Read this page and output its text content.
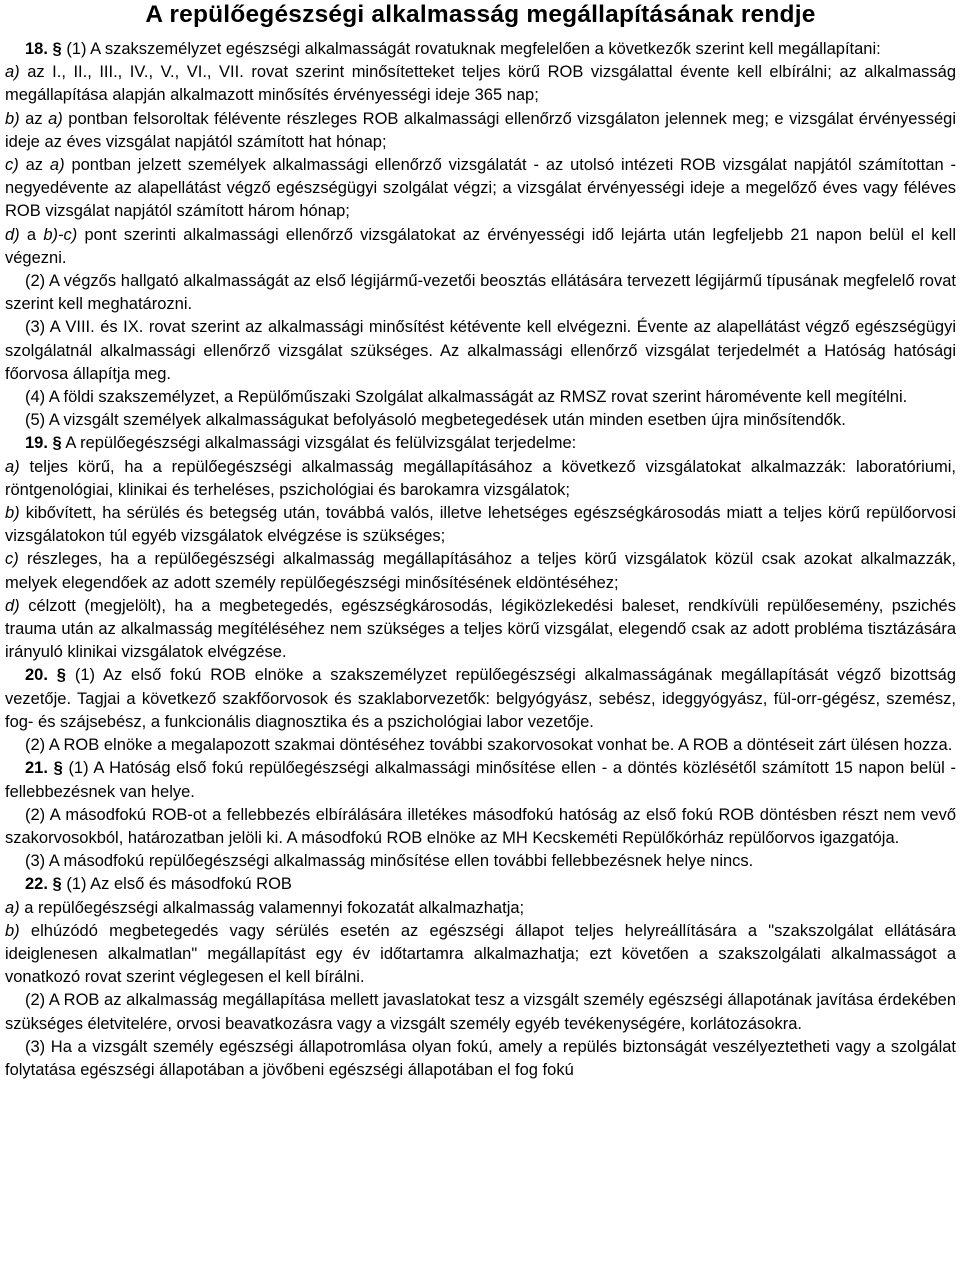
A repülőegészségi alkalmasság megállapításának rendje

18. § (1) A szakszemélyzet egészségi alkalmasságát rovatuknak megfelelően a következők szerint kell megállapítani:

a) az I., II., III., IV., V., VI., VII. rovat szerint minősítetteket teljes körű ROB vizsgálattal évente kell elbírálni; az alkalmasság megállapítása alapján alkalmazott minősítés érvényességi ideje 365 nap;

b) az a) pontban felsoroltak félévente részleges ROB alkalmassági ellenőrző vizsgálaton jelennek meg; e vizsgálat érvényességi ideje az éves vizsgálat napjától számított hat hónap;

c) az a) pontban jelzett személyek alkalmassági ellenőrző vizsgálatát - az utolsó intézeti ROB vizsgálat napjától számítottan - negyedévente az alapellátást végző egészségügyi szolgálat végzi; a vizsgálat érvényességi ideje a megelőző éves vagy féléves ROB vizsgálat napjától számított három hónap;

d) a b)-c) pont szerinti alkalmassági ellenőrző vizsgálatokat az érvényességi idő lejárta után legfeljebb 21 napon belül el kell végezni.

(2) A végzős hallgató alkalmasságát az első légijármű-vezetői beosztás ellátására tervezett légijármű típusának megfelelő rovat szerint kell meghatározni.

(3) A VIII. és IX. rovat szerint az alkalmassági minősítést kétévente kell elvégezni. Évente az alapellátást végző egészségügyi szolgálatnál alkalmassági ellenőrző vizsgálat szükséges. Az alkalmassági ellenőrző vizsgálat terjedelmét a Hatóság hatósági főorvosa állapítja meg.

(4) A földi szakszemélyzet, a Repülőműszaki Szolgálat alkalmasságát az RMSZ rovat szerint háromévente kell megítélni.

(5) A vizsgált személyek alkalmasságukat befolyásoló megbetegedések után minden esetben újra minősítendők.

19. § A repülőegészségi alkalmassági vizsgálat és felülvizsgálat terjedelme:

a) teljes körű, ha a repülőegészségi alkalmasság megállapításához a következő vizsgálatokat alkalmazzák: laboratóriumi, röntgenológiai, klinikai és terheléses, pszichológiai és barokamra vizsgálatok;

b) kibővített, ha sérülés és betegség után, továbbá valós, illetve lehetséges egészségkárosodás miatt a teljes körű repülőorvosi vizsgálatokon túl egyéb vizsgálatok elvégzése is szükséges;

c) részleges, ha a repülőegészségi alkalmasság megállapításához a teljes körű vizsgálatok közül csak azokat alkalmazzák, melyek elegendőek az adott személy repülőegészségi minősítésének eldöntéséhez;

d) célzott (megjelölt), ha a megbetegedés, egészségkárosodás, légiközlekedési baleset, rendkívüli repülőesemény, pszichés trauma után az alkalmasság megítéléséhez nem szükséges a teljes körű vizsgálat, elegendő csak az adott probléma tisztázására irányuló klinikai vizsgálatok elvégzése.

20. § (1) Az első fokú ROB elnöke a szakszemélyzet repülőegészségi alkalmasságának megállapítását végző bizottság vezetője. Tagjai a következő szakfőorvosok és szaklaborvezetők: belgyógyász, sebész, ideggyógyász, fül-orr-gégész, szemész, fog- és szájsebész, a funkcionális diagnosztika és a pszichológiai labor vezetője.

(2) A ROB elnöke a megalapozott szakmai döntéséhez további szakorvosokat vonhat be. A ROB a döntéseit zárt ülésen hozza.

21. § (1) A Hatóság első fokú repülőegészségi alkalmassági minősítése ellen - a döntés közlésétől számított 15 napon belül - fellebbezésnek van helye.

(2) A másodfokú ROB-ot a fellebbezés elbírálására illetékes másodfokú hatóság az első fokú ROB döntésben részt nem vevő szakorvosokból, határozatban jelöli ki. A másodfokú ROB elnöke az MH Kecskeméti Repülőkórház repülőorvos igazgatója.

(3) A másodfokú repülőegészségi alkalmasság minősítése ellen további fellebbezésnek helye nincs.

22. § (1) Az első és másodfokú ROB

a) a repülőegészségi alkalmasság valamennyi fokozatát alkalmazhatja;

b) elhúzódó megbetegedés vagy sérülés esetén az egészségi állapot teljes helyreállítására a "szakszolgálat ellátására ideiglenesen alkalmatlan" megállapítást egy év időtartamra alkalmazhatja; ezt követően a szakszolgálati alkalmasságot a vonatkozó rovat szerint véglegesen el kell bírálni.

(2) A ROB az alkalmasság megállapítása mellett javaslatokat tesz a vizsgált személy egészségi állapotának javítása érdekében szükséges életvitelére, orvosi beavatkozásra vagy a vizsgált személy egyéb tevékenységére, korlátozásokra.

(3) Ha a vizsgált személy egészségi állapotromlása olyan fokú, amely a repülés biztonságát veszélyeztetheti vagy a szolgálat folytatása egészségi állapotában a jövőbeni egészségi állapotában el fog fokú
